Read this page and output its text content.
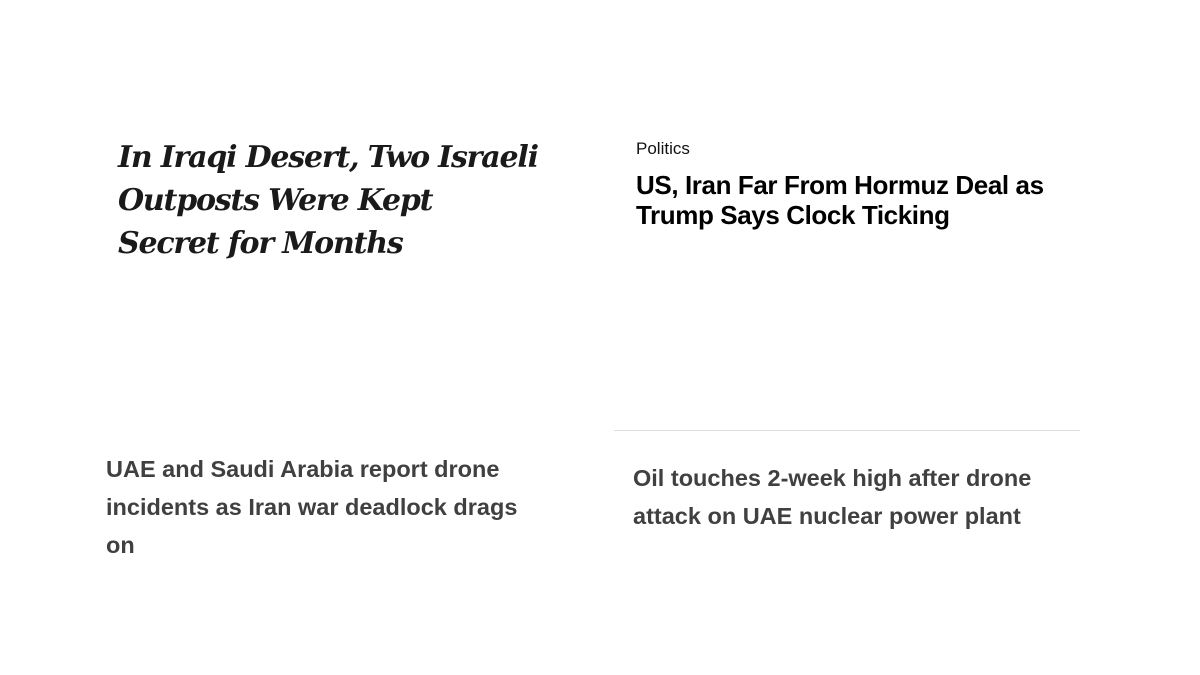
In Iraqi Desert, Two Israeli Outposts Were Kept Secret for Months
Politics
US, Iran Far From Hormuz Deal as Trump Says Clock Ticking
UAE and Saudi Arabia report drone incidents as Iran war deadlock drags on
Oil touches 2-week high after drone attack on UAE nuclear power plant
